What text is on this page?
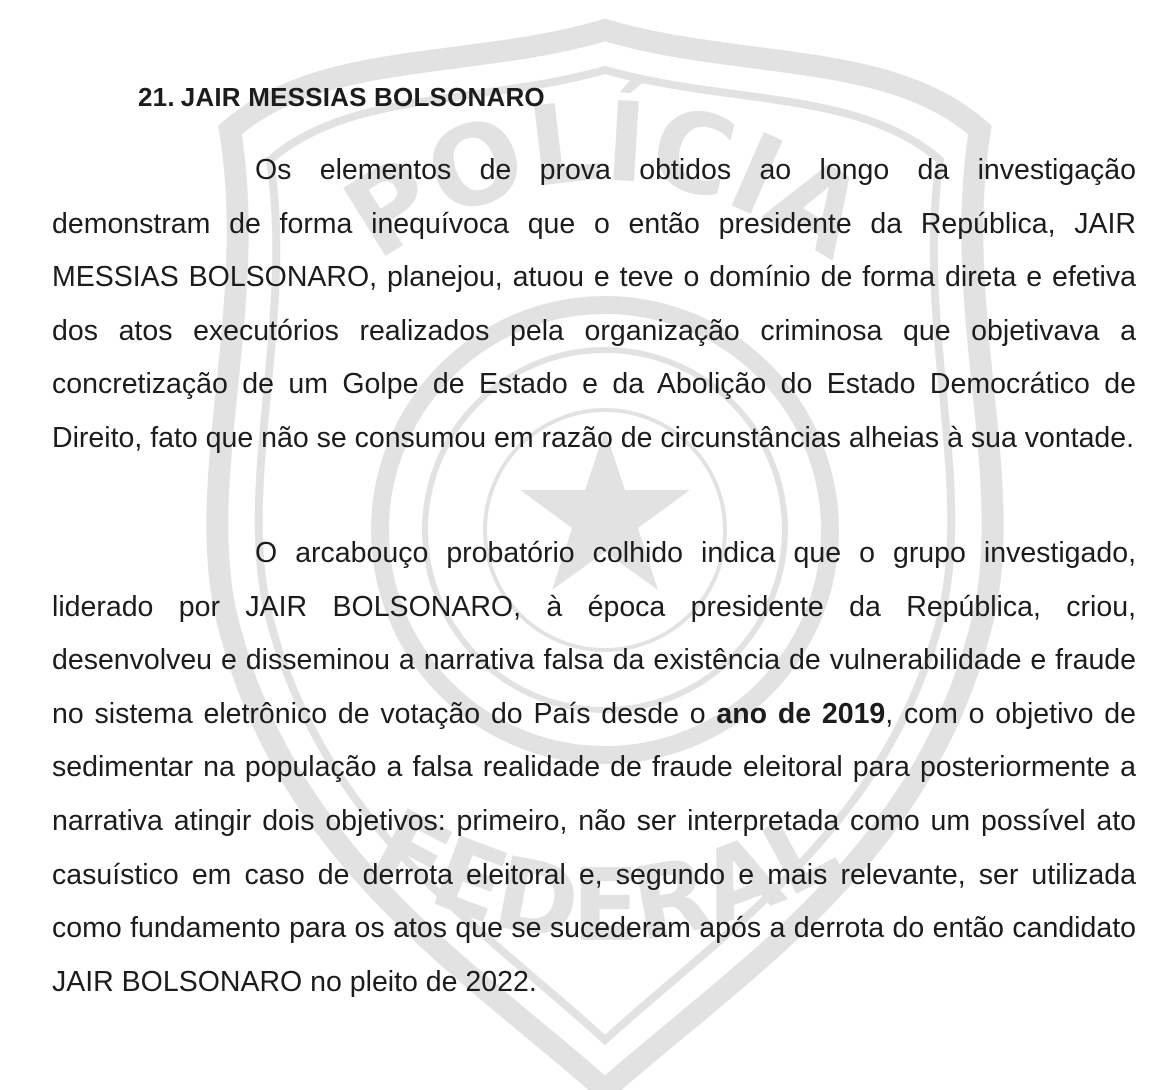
POLÍCIA
FEDERAL
21. JAIR MESSIAS BOLSONARO

Os elementos de prova obtidos ao longo da investigação demonstram de forma inequívoca que o então presidente da República, JAIR MESSIAS BOLSONARO, planejou, atuou e teve o domínio de forma direta e efetiva dos atos executórios realizados pela organização criminosa que objetivava a concretização de um Golpe de Estado e da Abolição do Estado Democrático de Direito, fato que não se consumou em razão de circunstâncias alheias à sua vontade.

O arcabouço probatório colhido indica que o grupo investigado, liderado por JAIR BOLSONARO, à época presidente da República, criou, desenvolveu e disseminou a narrativa falsa da existência de vulnerabilidade e fraude no sistema eletrônico de votação do País desde o ano de 2019, com o objetivo de sedimentar na população a falsa realidade de fraude eleitoral para posteriormente a narrativa atingir dois objetivos: primeiro, não ser interpretada como um possível ato casuístico em caso de derrota eleitoral e, segundo e mais relevante, ser utilizada como fundamento para os atos que se sucederam após a derrota do então candidato JAIR BOLSONARO no pleito de 2022.
